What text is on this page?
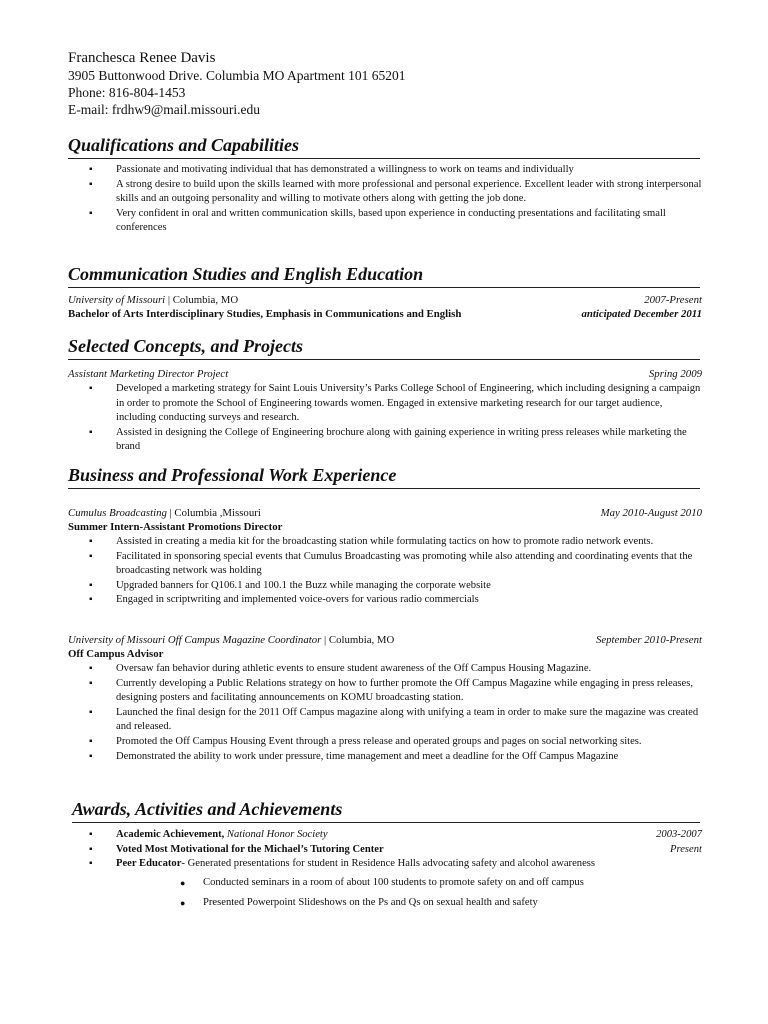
Franchesca Renee Davis
3905 Buttonwood Drive. Columbia MO Apartment 101 65201
Phone: 816-804-1453
E-mail: frdhw9@mail.missouri.edu
Qualifications and Capabilities
▪ Passionate and motivating individual that has demonstrated a willingness to work on teams and individually
▪ A strong desire to build upon the skills learned with more professional and personal experience. Excellent leader with strong interpersonal skills and an outgoing personality and willing to motivate others along with getting the job done.
▪ Very confident in oral and written communication skills, based upon experience in conducting presentations and facilitating small conferences
Communication Studies and English Education
University of Missouri | Columbia, MO	2007-Present
Bachelor of Arts Interdisciplinary Studies, Emphasis in Communications and English	anticipated December 2011
Selected Concepts, and Projects
Assistant Marketing Director Project	Spring 2009
▪ Developed a marketing strategy for Saint Louis University’s Parks College School of Engineering, which including designing a campaign in order to promote the School of Engineering towards women. Engaged in extensive marketing research for our target audience, including conducting surveys and research.
▪ Assisted in designing the College of Engineering brochure along with gaining experience in writing press releases while marketing the brand
Business and Professional Work Experience
Cumulus Broadcasting | Columbia ,Missouri	May 2010-August 2010
Summer Intern-Assistant Promotions Director
▪ Assisted in creating a media kit for the broadcasting station while formulating tactics on how to promote radio network events.
▪ Facilitated in sponsoring special events that Cumulus Broadcasting was promoting while also attending and coordinating events that the broadcasting network was holding
▪ Upgraded banners for Q106.1 and 100.1 the Buzz while managing the corporate website
▪ Engaged in scriptwriting and implemented voice-overs for various radio commercials
University of Missouri Off Campus Magazine Coordinator | Columbia, MO	September 2010-Present
Off Campus Advisor
▪ Oversaw fan behavior during athletic events to ensure student awareness of the Off Campus Housing Magazine.
▪ Currently developing a Public Relations strategy on how to further promote the Off Campus Magazine while engaging in press releases, designing posters and facilitating announcements on KOMU broadcasting station.
▪ Launched the final design for the 2011 Off Campus magazine along with unifying a team in order to make sure the magazine was created and released.
▪ Promoted the Off Campus Housing Event through a press release and operated groups and pages on social networking sites.
▪ Demonstrated the ability to work under pressure, time management and meet a deadline for the Off Campus Magazine
Awards, Activities and Achievements
▪ Academic Achievement, National Honor Society	2003-2007
▪ Voted Most Motivational for the Michael’s Tutoring Center	Present
▪ Peer Educator- Generated presentations for student in Residence Halls advocating safety and alcohol awareness
● Conducted seminars in a room of about 100 students to promote safety on and off campus
● Presented Powerpoint Slideshows on the Ps and Qs on sexual health and safety
